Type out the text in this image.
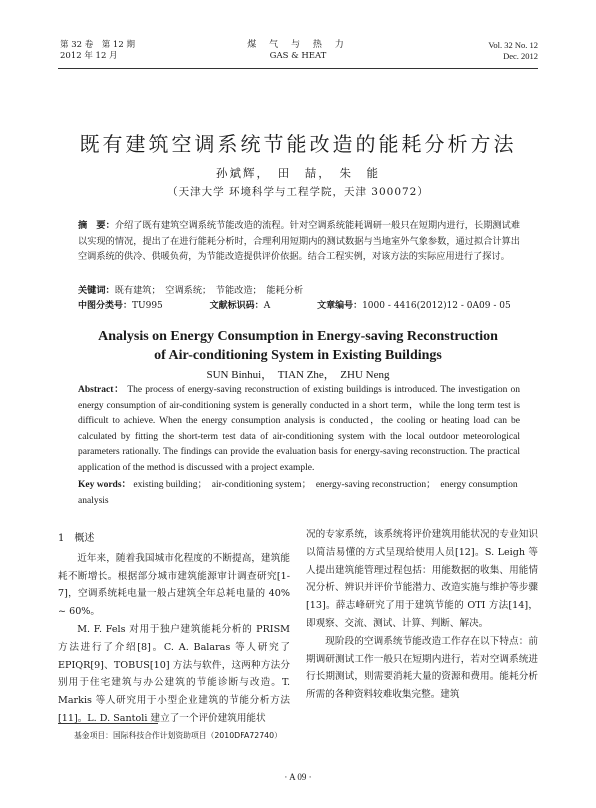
第 32 卷　第 12 期
2012 年 12 月
煤 气 与 热 力
GAS & HEAT
Vol. 32 No. 12
Dec. 2012
既有建筑空调系统节能改造的能耗分析方法
孙斌辉，　田　喆，　朱　能
（天津大学 环境科学与工程学院，天津 300072）
摘　要：介绍了既有建筑空调系统节能改造的流程。针对空调系统能耗调研一般只在短期内进行，长期测试难以实现的情况，提出了在进行能耗分析时，合理利用短期内的测试数据与当地室外气象参数，通过拟合计算出空调系统的供冷、供暖负荷，为节能改造提供评价依据。结合工程实例，对该方法的实际应用进行了探讨。
关键词：既有建筑；　空调系统；　节能改造；　能耗分析
中图分类号：TU995	文献标识码：A	文章编号：1000 - 4416(2012)12 - 0A09 - 05
Analysis on Energy Consumption in Energy-saving Reconstruction
of Air-conditioning System in Existing Buildings
SUN Binhui，　TIAN Zhe，　ZHU Neng
Abstract： The process of energy-saving reconstruction of existing buildings is introduced. The investigation on energy consumption of air-conditioning system is generally conducted in a short term，while the long term test is difficult to achieve. When the energy consumption analysis is conducted，the cooling or heating load can be calculated by fitting the short-term test data of air-conditioning system with the local outdoor meteorological parameters rationally. The findings can provide the evaluation basis for energy-saving reconstruction. The practical application of the method is discussed with a project example.
Key words： existing building；　air-conditioning system；　energy-saving reconstruction；　energy consumption analysis
1　概述

近年来，随着我国城市化程度的不断提高，建筑能耗不断增长。根据部分城市建筑能源审计调查研究[1-7]，空调系统耗电量一般占建筑全年总耗电量的 40% ~ 60%。

M. F. Fels 对用于独户建筑能耗分析的 PRISM 方法进行了介绍[8]。C. A. Balaras 等人研究了 EPIQR[9]、TOBUS[10] 方法与软件，这两种方法分别用于住宅建筑与办公建筑的节能诊断与改造。T. Markis 等人研究用于小型企业建筑的节能分析方法[11]。L. D. Santoli 建立了一个评价建筑用能状

况的专家系统，该系统将评价建筑用能状况的专业知识以简洁易懂的方式呈现给使用人员[12]。S. Leigh 等人提出建筑能管理过程包括：用能数据的收集、用能情况分析、辨识并评价节能潜力、改造实施与维护等步骤[13]。薛志峰研究了用于建筑节能的 OTI 方法[14]，即观察、交流、测试、计算、判断、解决。

现阶段的空调系统节能改造工作存在以下特点：前期调研测试工作一般只在短期内进行，若对空调系统进行长期测试，则需要消耗大量的资源和费用。能耗分析所需的各种资料较难收集完整。建筑

基金项目：国际科技合作计划资助项目（2010DFA72740）
· A 09 ·
